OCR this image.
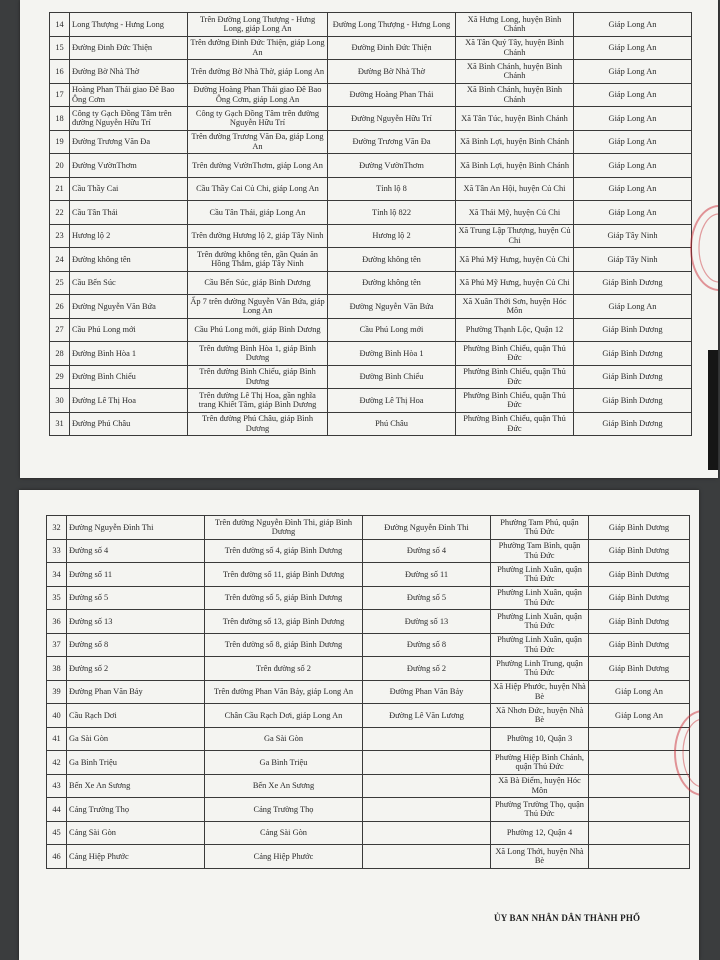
14	Long Thượng - Hưng Long	Trên Đường Long Thượng - Hưng Long, giáp Long An	Đường Long Thượng - Hưng Long	Xã Hưng Long, huyện Bình Chánh	Giáp Long An
15	Đường Đinh Đức Thiện	Trên đường Đinh Đức Thiện, giáp Long An	Đường Đinh Đức Thiện	Xã Tân Quý Tây, huyện Bình Chánh	Giáp Long An
16	Đường Bờ Nhà Thờ	Trên đường Bờ Nhà Thờ, giáp Long An	Đường Bờ Nhà Thờ	Xã Bình Chánh, huyện Bình Chánh	Giáp Long An
17	Hoàng Phan Thái giao Đê Bao Ông Cơm	Đường Hoàng Phan Thái giao Đê Bao Ông Cơm, giáp Long An	Đường Hoàng Phan Thái	Xã Bình Chánh, huyện Bình Chánh	Giáp Long An
18	Công ty Gạch Đồng Tâm trên đường Nguyễn Hữu Trí	Công ty Gạch Đồng Tâm trên đường Nguyễn Hữu Trí	Đường Nguyễn Hữu Trí	Xã Tân Túc, huyện Bình Chánh	Giáp Long An
19	Đường Trương Văn Đa	Trên đường Trương Văn Đa, giáp Long An	Đường Trương Văn Đa	Xã Bình Lợi, huyện Bình Chánh	Giáp Long An
20	Đường VườnThơm	Trên đường VườnThơm, giáp Long An	Đường VườnThơm	Xã Bình Lợi, huyện Bình Chánh	Giáp Long An
21	Cầu Thầy Cai	Cầu Thầy Cai Củ Chi, giáp Long An	Tỉnh lộ 8	Xã Tân An Hội, huyện Củ Chi	Giáp Long An
22	Cầu Tân Thái	Cầu Tân Thái, giáp Long An	Tỉnh lộ 822	Xã Thái Mỹ, huyện Củ Chi	Giáp Long An
23	Hương lộ 2	Trên đường Hương lộ 2, giáp Tây Ninh	Hương lộ 2	Xã Trung Lập Thượng, huyện Củ Chi	Giáp Tây Ninh
24	Đường không tên	Trên đường không tên, gần Quán ăn Hồng Thắm, giáp Tây Ninh	Đường không tên	Xã Phú Mỹ Hưng, huyện Củ Chi	Giáp Tây Ninh
25	Cầu Bến Súc	Cầu Bến Súc, giáp Bình Dương	Đường không tên	Xã Phú Mỹ Hưng, huyện Củ Chi	Giáp Bình Dương
26	Đường Nguyễn Văn Bứa	Ấp 7 trên đường Nguyễn Văn Bứa, giáp Long An	Đường Nguyễn Văn Bứa	Xã Xuân Thới Sơn, huyện Hóc Môn	Giáp Long An
27	Cầu Phú Long mới	Cầu Phú Long mới, giáp Bình Dương	Cầu Phú Long mới	Phường Thạnh Lộc, Quận 12	Giáp Bình Dương
28	Đường Bình Hòa 1	Trên đường Bình Hòa 1, giáp Bình Dương	Đường Bình Hòa 1	Phường Bình Chiểu, quận Thủ Đức	Giáp Bình Dương
29	Đường Bình Chiểu	Trên đường Bình Chiểu, giáp Bình Dương	Đường Bình Chiểu	Phường Bình Chiểu, quận Thủ Đức	Giáp Bình Dương
30	Đường Lê Thị Hoa	Trên đường Lê Thị Hoa, gần nghĩa trang Khiết Tâm, giáp Bình Dương	Đường Lê Thị Hoa	Phường Bình Chiểu, quận Thủ Đức	Giáp Bình Dương
31	Đường Phú Châu	Trên đường Phú Châu, giáp Bình Dương	Phú Châu	Phường Bình Chiểu, quận Thủ Đức	Giáp Bình Dương
32	Đường Nguyễn Đình Thi	Trên đường Nguyễn Đình Thi, giáp Bình Dương	Đường Nguyễn Đình Thi	Phường Tam Phú, quận Thủ Đức	Giáp Bình Dương
33	Đường số 4	Trên đường số 4, giáp Bình Dương	Đường số 4	Phường Tam Bình, quận Thủ Đức	Giáp Bình Dương
34	Đường số 11	Trên đường số 11, giáp Bình Dương	Đường số 11	Phường Linh Xuân, quận Thủ Đức	Giáp Bình Dương
35	Đường số 5	Trên đường số 5, giáp Bình Dương	Đường số 5	Phường Linh Xuân, quận Thủ Đức	Giáp Bình Dương
36	Đường số 13	Trên đường số 13, giáp Bình Dương	Đường số 13	Phường Linh Xuân, quận Thủ Đức	Giáp Bình Dương
37	Đường số 8	Trên đường số 8, giáp Bình Dương	Đường số 8	Phường Linh Xuân, quận Thủ Đức	Giáp Bình Dương
38	Đường số 2	Trên đường số 2	Đường số 2	Phường Linh Trung, quận Thủ Đức	Giáp Bình Dương
39	Đường Phan Văn Bảy	Trên đường Phan Văn Bảy, giáp Long An	Đường Phan Văn Bảy	Xã Hiệp Phước, huyện Nhà Bè	Giáp Long An
40	Cầu Rạch Dơi	Chân Cầu Rạch Dơi, giáp Long An	Đường Lê Văn Lương	Xã Nhơn Đức, huyện Nhà Bè	Giáp Long An
41	Ga Sài Gòn	Ga Sài Gòn		Phường 10, Quận 3	
42	Ga Bình Triệu	Ga Bình Triệu		Phường Hiệp Bình Chánh, quận Thủ Đức	
43	Bến Xe An Sương	Bến Xe An Sương		Xã Bà Điểm, huyện Hóc Môn	
44	Cảng Trường Thọ	Cảng Trường Thọ		Phường Trường Thọ, quận Thủ Đức	
45	Cảng Sài Gòn	Cảng Sài Gòn		Phường 12, Quận 4	
46	Cảng Hiệp Phước	Cảng Hiệp Phước		Xã Long Thới, huyện Nhà Bè	
ỦY BAN NHÂN DÂN THÀNH PHỐ
